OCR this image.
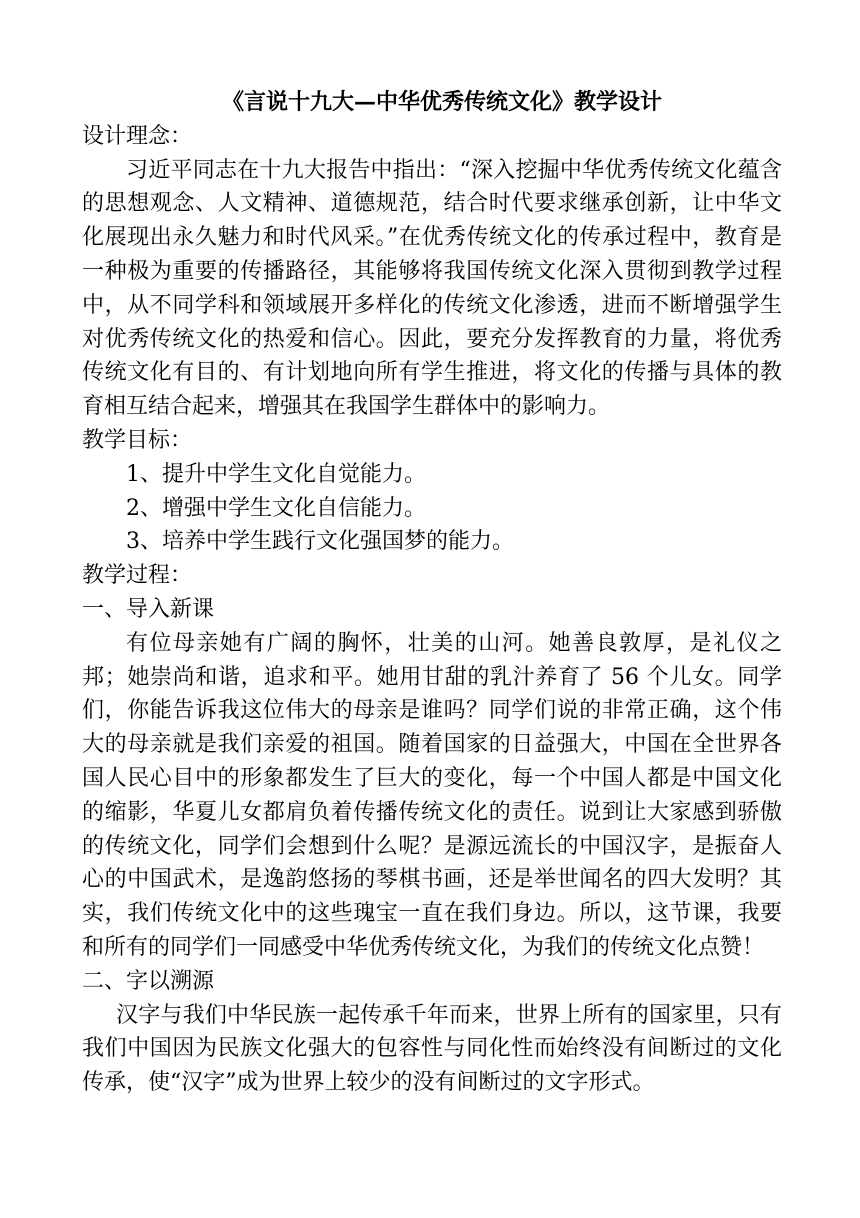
《言说十九大—中华优秀传统文化》教学设计

设计理念：

习近平同志在十九大报告中指出：“深入挖掘中华优秀传统文化蕴含的思想观念、人文精神、道德规范，结合时代要求继承创新，让中华文化展现出永久魅力和时代风采。”在优秀传统文化的传承过程中，教育是一种极为重要的传播路径，其能够将我国传统文化深入贯彻到教学过程中，从不同学科和领域展开多样化的传统文化渗透，进而不断增强学生对优秀传统文化的热爱和信心。因此，要充分发挥教育的力量，将优秀传统文化有目的、有计划地向所有学生推进，将文化的传播与具体的教育相互结合起来，增强其在我国学生群体中的影响力。

教学目标：

1、提升中学生文化自觉能力。

2、增强中学生文化自信能力。

3、培养中学生践行文化强国梦的能力。

教学过程：

一、导入新课

有位母亲她有广阔的胸怀，壮美的山河。她善良敦厚，是礼仪之邦；她崇尚和谐，追求和平。她用甘甜的乳汁养育了 56 个儿女。同学们，你能告诉我这位伟大的母亲是谁吗？同学们说的非常正确，这个伟大的母亲就是我们亲爱的祖国。随着国家的日益强大，中国在全世界各国人民心目中的形象都发生了巨大的变化，每一个中国人都是中国文化的缩影，华夏儿女都肩负着传播传统文化的责任。说到让大家感到骄傲的传统文化，同学们会想到什么呢？是源远流长的中国汉字，是振奋人心的中国武术，是逸韵悠扬的琴棋书画，还是举世闻名的四大发明？其实，我们传统文化中的这些瑰宝一直在我们身边。所以，这节课，我要和所有的同学们一同感受中华优秀传统文化，为我们的传统文化点赞！

二、字以溯源

汉字与我们中华民族一起传承千年而来，世界上所有的国家里，只有我们中国因为民族文化强大的包容性与同化性而始终没有间断过的文化传承，使“汉字”成为世界上较少的没有间断过的文字形式。
